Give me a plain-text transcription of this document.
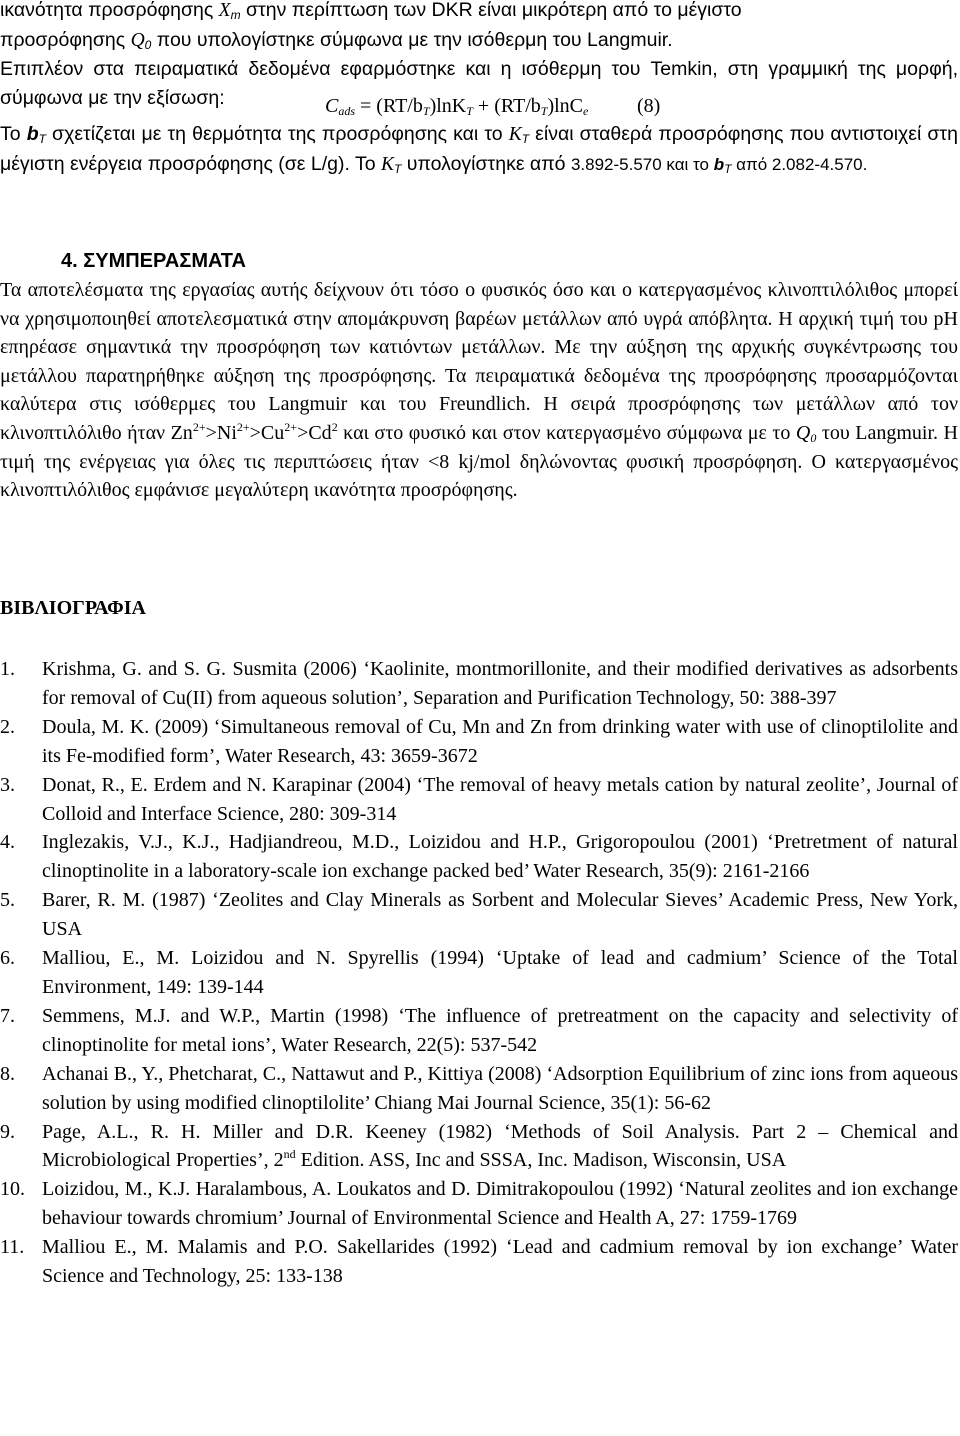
ικανότητα προσρόφησης $X_m$ στην περίπτωση των DKR είναι μικρότερη από το μέγιστο
προσρόφησης $Q_0$ που υπολογίστηκε σύμφωνα με την ισόθερμη του Langmuir.
Επιπλέον στα πειραματικά δεδομένα εφαρμόστηκε και η ισόθερμη του Temkin, στη γραμμική της μορφή, σύμφωνα με την εξίσωση:	$C_{ads} = (RT/b_T)\ln K_T + (RT/b_T)\ln C_e$ (8)

Το $b_T$ σχετίζεται με τη θερμότητα της προσρόφησης και το $K_T$ είναι σταθερά προσρόφησης που αντιστοιχεί στη μέγιστη ενέργεια προσρόφησης (σε L/g). Το $K_T$ υπολογίστηκε από 3.892-5.570 και το $b_T$ από 2.082-4.570.

4. ΣΥΜΠΕΡΑΣΜΑΤΑ

Τα αποτελέσματα της εργασίας αυτής δείχνουν ότι τόσο ο φυσικός όσο και ο κατεργασμένος κλινοπτιλόλιθος μπορεί να χρησιμοποιηθεί αποτελεσματικά στην απομάκρυνση βαρέων μετάλλων από υγρά απόβλητα. Η αρχική τιμή του pH επηρέασε σημαντικά την προσρόφηση των κατιόντων μετάλλων. Με την αύξηση της αρχικής συγκέντρωσης του μετάλλου παρατηρήθηκε αύξηση της προσρόφησης. Τα πειραματικά δεδομένα της προσρόφησης προσαρμόζονται καλύτερα στις ισόθερμες του Langmuir και του Freundlich. Η σειρά προσρόφησης των μετάλλων από τον κλινοπτιλόλιθο ήταν $Zn^{2+}>Ni^{2+}>Cu^{2+}>Cd^2$ και στο φυσικό και στον κατεργασμένο σύμφωνα με το $Q_0$ του Langmuir. Η τιμή της ενέργειας για όλες τις περιπτώσεις ήταν <8 kj/mol δηλώνοντας φυσική προσρόφηση. Ο κατεργασμένος κλινοπτιλόλιθος εμφάνισε μεγαλύτερη ικανότητα προσρόφησης.

ΒΙΒΛΙΟΓΡΑΦΙΑ
1. Krishma, G. and S. G. Susmita (2006) ‘Kaolinite, montmorillonite, and their modified derivatives as adsorbents for removal of Cu(II) from aqueous solution’, Separation and Purification Technology, 50: 388-397
2. Doula, M. K. (2009) ‘Simultaneous removal of Cu, Mn and Zn from drinking water with use of clinoptilolite and its Fe-modified form’, Water Research, 43: 3659-3672
3. Donat, R., E. Erdem and N. Karapinar (2004) ‘The removal of heavy metals cation by natural zeolite’, Journal of Colloid and Interface Science, 280: 309-314
4. Inglezakis, V.J., K.J., Hadjiandreou, M.D., Loizidou and H.P., Grigoropoulou (2001) ‘Pretretment of natural clinoptinolite in a laboratory-scale ion exchange packed bed’ Water Research, 35(9): 2161-2166
5. Barer, R. M. (1987) ‘Zeolites and Clay Minerals as Sorbent and Molecular Sieves’ Academic Press, New York, USA
6. Malliou, E., M. Loizidou and N. Spyrellis (1994) ‘Uptake of lead and cadmium’ Science of the Total Environment, 149: 139-144
7. Semmens, M.J. and W.P., Martin (1998) ‘The influence of pretreatment on the capacity and selectivity of clinoptinolite for metal ions’, Water Research, 22(5): 537-542
8. Achanai B., Y., Phetcharat, C., Nattawut and P., Kittiya (2008) ‘Adsorption Equilibrium of zinc ions from aqueous solution by using modified clinoptilolite’ Chiang Mai Journal Science, 35(1): 56-62
9. Page, A.L., R. H. Miller and D.R. Keeney (1982) ‘Methods of Soil Analysis. Part 2 – Chemical and Microbiological Properties’, 2nd Edition. ASS, Inc and SSSA, Inc. Madison, Wisconsin, USA
10. Loizidou, M., K.J. Haralambous, A. Loukatos and D. Dimitrakopoulou (1992) ‘Natural zeolites and ion exchange behaviour towards chromium’ Journal of Environmental Science and Health A, 27: 1759-1769
11. Malliou E., M. Malamis and P.O. Sakellarides (1992) ‘Lead and cadmium removal by ion exchange’ Water Science and Technology, 25: 133-138
